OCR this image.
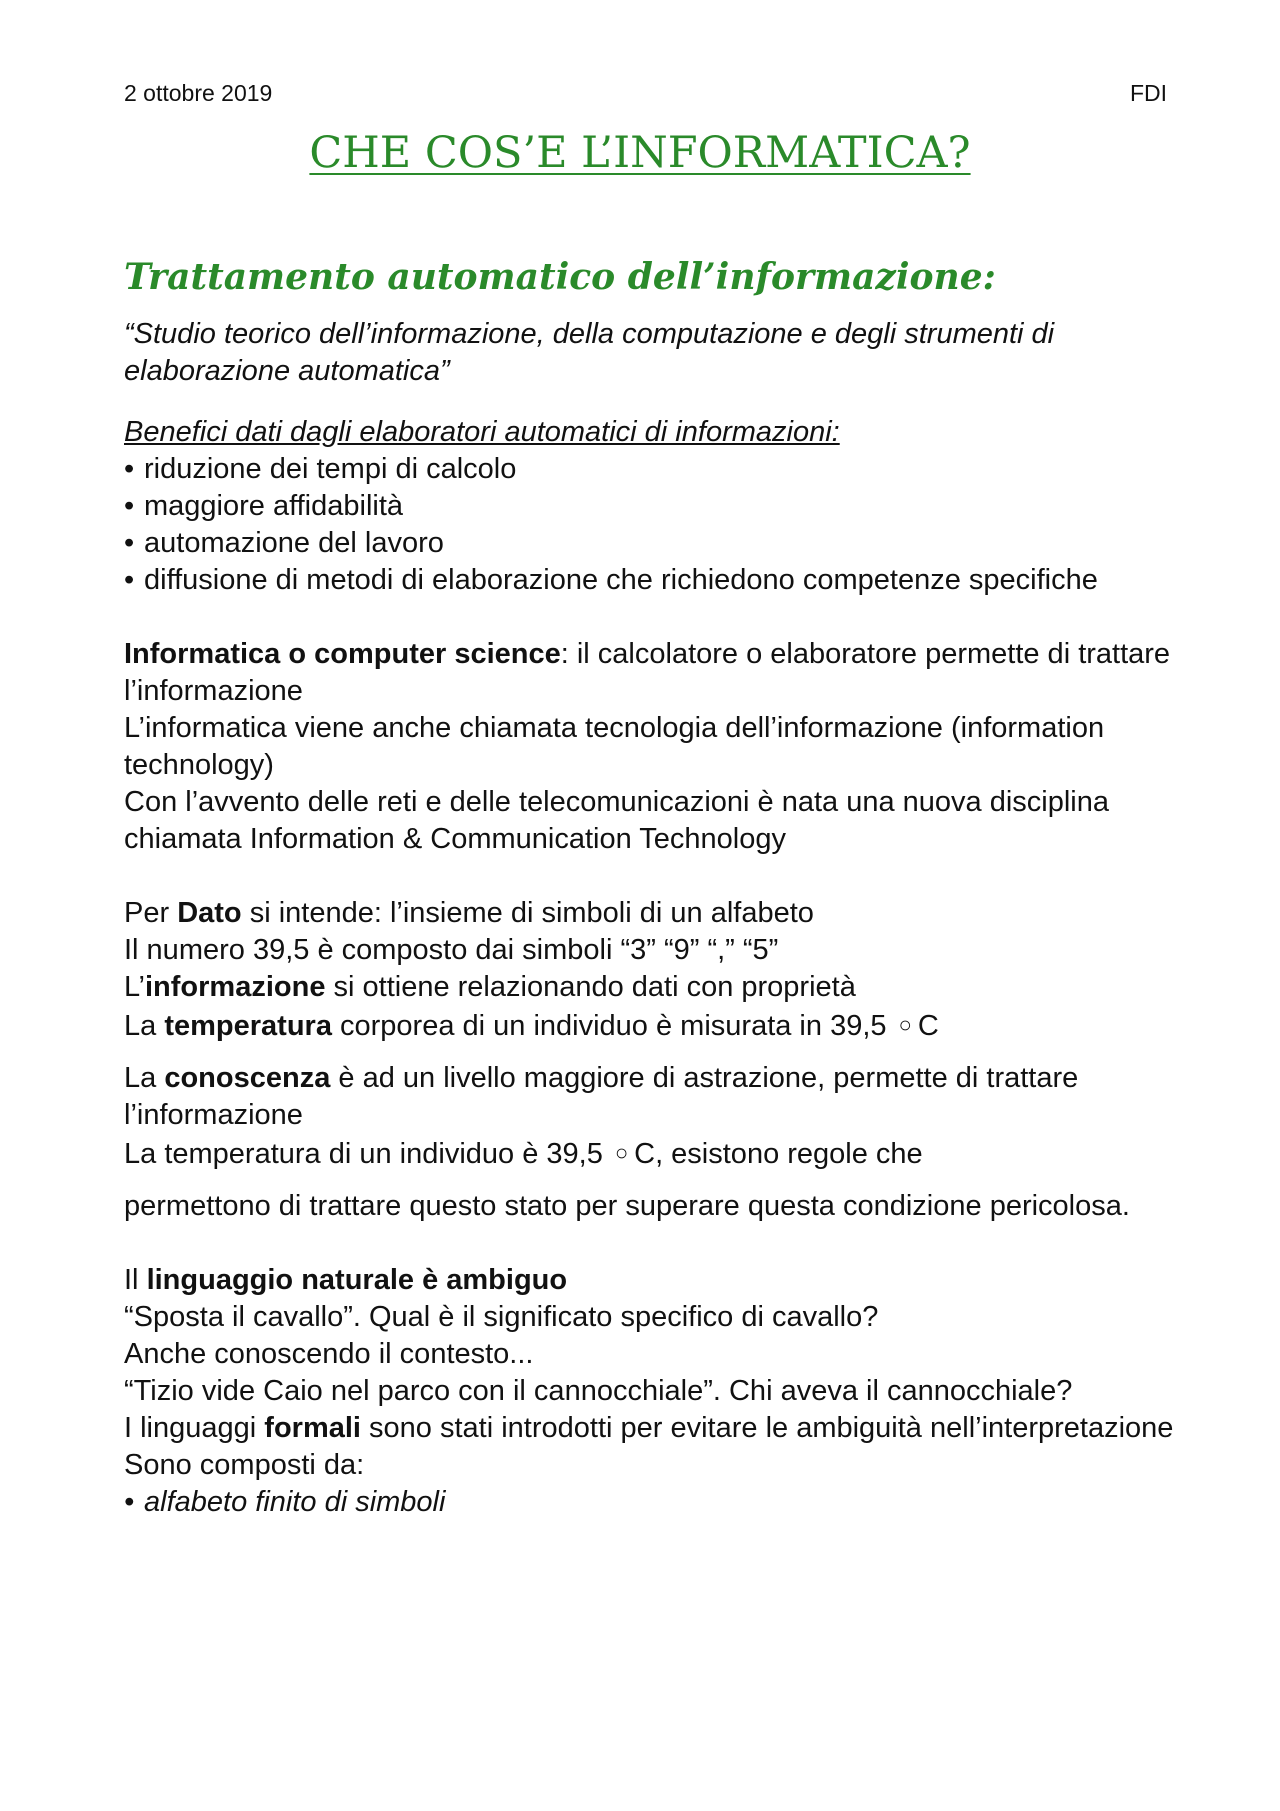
2 ottobre 2019	FDI
CHE COS’E L’INFORMATICA?
Trattamento automatico dell’informazione:

“Studio teorico dell’informazione, della computazione e degli strumenti di elaborazione automatica”

Benefici dati dagli elaboratori automatici di informazioni:

• riduzione dei tempi di calcolo
• maggiore affidabilità
• automazione del lavoro
• diffusione di metodi di elaborazione che richiedono competenze specifiche

Informatica o computer science: il calcolatore o elaboratore permette di trattare l’informazione

L’informatica viene anche chiamata tecnologia dell’informazione (information technology)

Con l’avvento delle reti e delle telecomunicazioni è nata una nuova disciplina chiamata Information & Communication Technology

Per Dato si intende: l’insieme di simboli di un alfabeto

Il numero 39,5 è composto dai simboli “3” “9” “,” “5”

L’informazione si ottiene relazionando dati con proprietà

La temperatura corporea di un individuo è misurata in 39,5 ○ C

La conoscenza è ad un livello maggiore di astrazione, permette di trattare l’informazione

La temperatura di un individuo è 39,5 ○ C, esistono regole che

permettono di trattare questo stato per superare questa condizione pericolosa.

Il linguaggio naturale è ambiguo

“Sposta il cavallo”. Qual è il significato specifico di cavallo?

Anche conoscendo il contesto...

“Tizio vide Caio nel parco con il cannocchiale”. Chi aveva il cannocchiale?

I linguaggi formali sono stati introdotti per evitare le ambiguità nell’interpretazione

Sono composti da:

• alfabeto finito di simboli
